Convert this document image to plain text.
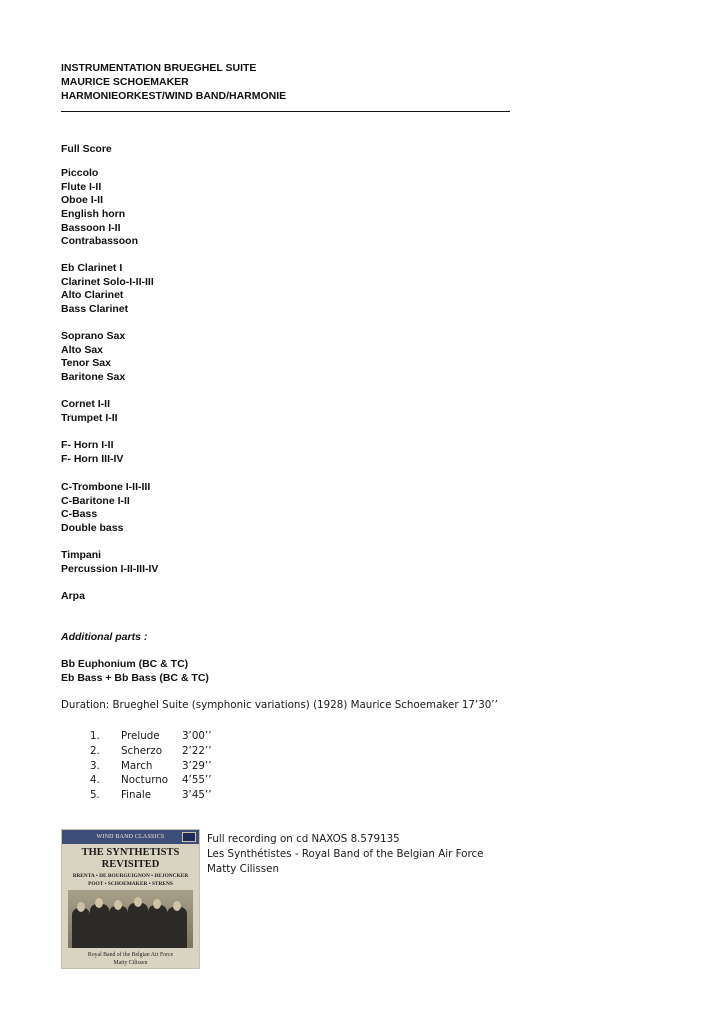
INSTRUMENTATION BRUEGHEL SUITE
MAURICE SCHOEMAKER
HARMONIEORKEST/WIND BAND/HARMONIE
Full Score
Piccolo
Flute I-II
Oboe I-II
English horn
Bassoon I-II
Contrabassoon
Eb Clarinet I
Clarinet Solo-I-II-III
Alto Clarinet
Bass Clarinet
Soprano Sax
Alto Sax
Tenor Sax
Baritone Sax
Cornet I-II
Trumpet I-II
F- Horn I-II
F- Horn III-IV
C-Trombone I-II-III
C-Baritone I-II
C-Bass
Double bass
Timpani
Percussion I-II-III-IV
Arpa
Additional parts :
Bb Euphonium (BC & TC)
Eb Bass + Bb Bass (BC & TC)
Duration: Brueghel Suite (symphonic variations) (1928) Maurice Schoemaker 17’30’’
1. Prelude 3’00’’
2. Scherzo 2’22’’
3. March	3’29’’
4. Nocturno 4’55’’
5. Finale	3’45’’
WIND BAND CLASSICS
THE SYNTHETISTS
REVISITED
BRENTA • DE BOURGUIGNON • DEJONCKER
POOT • SCHOEMAKER • STRENS
Royal Band of the Belgian Air Force
Matty Cilissen
Full recording on cd NAXOS 8.579135
Les Synthétistes - Royal Band of the Belgian Air Force
Matty Cilissen
